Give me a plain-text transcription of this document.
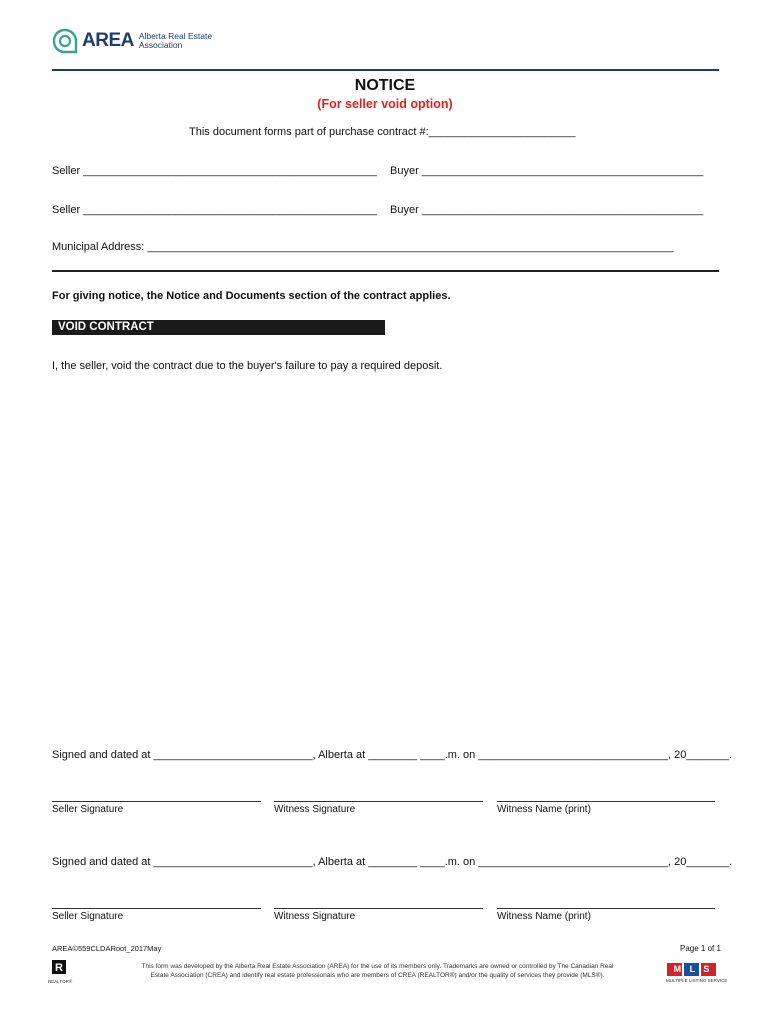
AREA Alberta Real Estate
Association
NOTICE
(For seller void option)
This document forms part of purchase contract #:________________________
Seller ________________________________________________ Buyer ______________________________________________
Seller ________________________________________________ Buyer ______________________________________________
Municipal Address: ______________________________________________________________________________________
For giving notice, the Notice and Documents section of the contract applies.
VOID CONTRACT
I, the seller, void the contract due to the buyer's failure to pay a required deposit.
Signed and dated at __________________________, Alberta at ________ ____.m. on _______________________________, 20_______.
Seller Signature	Witness Signature	Witness Name (print)
Signed and dated at __________________________, Alberta at ________ ____.m. on _______________________________, 20_______.
Seller Signature	Witness Signature	Witness Name (print)
AREA©559CLDARoot_2017May	Page 1 of 1
R
REALTOR®
This form was developed by the Alberta Real Estate Association (AREA) for the use of its members only. Trademarks are owned or controlled by The Canadian Real
Estate Association (CREA) and identify real estate professionals who are members of CREA (REALTOR®) and/or the quality of services they provide (MLS®).
M L S
MULTIPLE LISTING SERVICE
